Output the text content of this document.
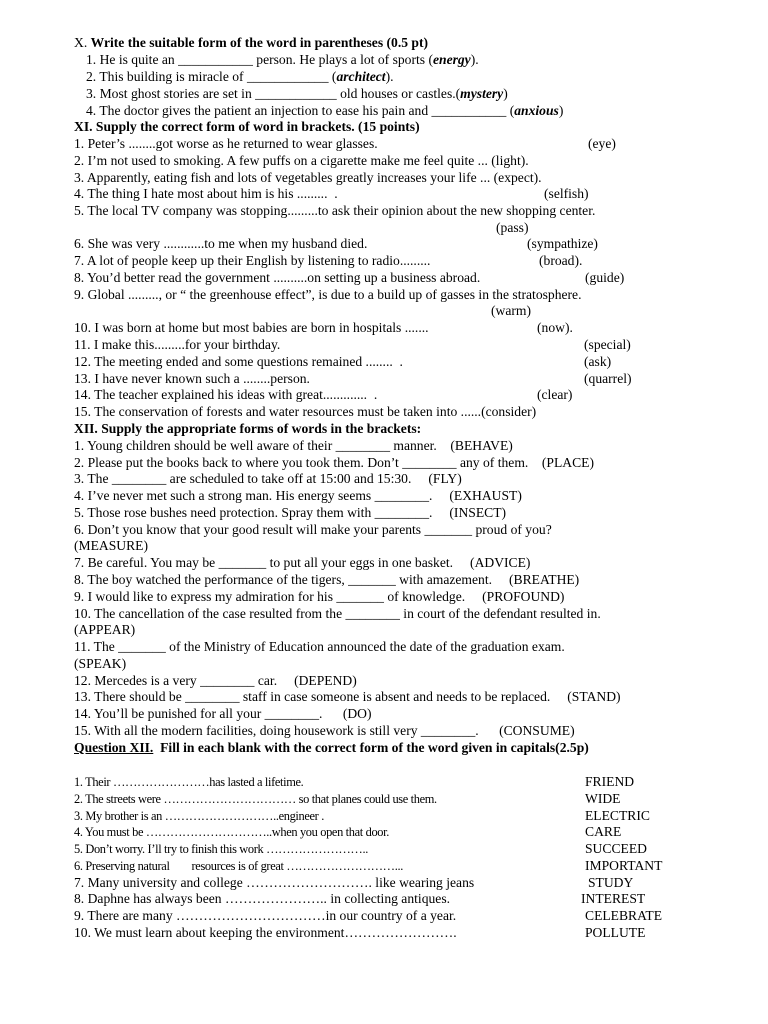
X. Write the suitable form of the word in parentheses (0.5 pt)
1. He is quite an ___________ person. He plays a lot of sports (energy).
2. This building is miracle of ____________ (architect).
3. Most ghost stories are set in ____________ old houses or castles.(mystery)
4. The doctor gives the patient an injection to ease his pain and ___________ (anxious)
XI. Supply the correct form of word in brackets. (15 points)
1. Peter’s ........got worse as he returned to wear glasses.	(eye)
2. I’m not used to smoking. A few puffs on a cigarette make me feel quite ... (light).
3. Apparently, eating fish and lots of vegetables greatly increases your life ... (expect).
4. The thing I hate most about him is his .........  .	(selfish)
5. The local TV company was stopping.........to ask their opinion about the new shopping center.
(pass)
6. She was very ............to me when my husband died.	(sympathize)
7. A lot of people keep up their English by listening to radio.........	(broad).
8. You’d better read the government ..........on setting up a business abroad.	(guide)
9. Global ........., or “ the greenhouse effect”, is due to a build up of gasses in the stratosphere.
(warm)
10. I was born at home but most babies are born in hospitals .......	(now).
11. I make this.........for your birthday.	(special)
12. The meeting ended and some questions remained ........  .	(ask)
13. I have never known such a ........person.	(quarrel)
14. The teacher explained his ideas with great.............  .	(clear)
15. The conservation of forests and water resources must be taken into ......(consider)
XII. Supply the appropriate forms of words in the brackets:
1. Young children should be well aware of their ________ manner.    (BEHAVE)
2. Please put the books back to where you took them. Don’t ________ any of them.    (PLACE)
3. The ________ are scheduled to take off at 15:00 and 15:30.     (FLY)
4. I’ve never met such a strong man. His energy seems ________.     (EXHAUST)
5. Those rose bushes need protection. Spray them with ________.     (INSECT)
6. Don’t you know that your good result will make your parents _______ proud of you?
(MEASURE)
7. Be careful. You may be _______ to put all your eggs in one basket.     (ADVICE)
8. The boy watched the performance of the tigers, _______ with amazement.     (BREATHE)
9. I would like to express my admiration for his _______ of knowledge.     (PROFOUND)
10. The cancellation of the case resulted from the ________ in court of the defendant resulted in.
(APPEAR)
11. The _______ of the Ministry of Education announced the date of the graduation exam.
(SPEAK)
12. Mercedes is a very ________ car.     (DEPEND)
13. There should be ________ staff in case someone is absent and needs to be replaced.     (STAND)
14. You’ll be punished for all your ________.      (DO)
15. With all the modern facilities, doing housework is still very ________.      (CONSUME)
Question XII.  Fill in each blank with the correct form of the word given in capitals(2.5p)
1. Their ……………………has lasted a lifetime.	FRIEND
2. The streets were …………………………… so that planes could use them.	WIDE
3. My brother is an ………………………..engineer .	ELECTRIC
4. You must be …………………………..when you open that door.	CARE
5. Don’t worry. I’ll try to finish this work ……………………..	SUCCEED
6. Preserving natural        resources is of great ………………………...	IMPORTANT
7. Many university and college ………………………. like wearing jeans	STUDY
8. Daphne has always been ………………….. in collecting antiques.	INTEREST
9. There are many ……………………………in our country of a year.	CELEBRATE
10. We must learn about keeping the environment…………………….	POLLUTE
